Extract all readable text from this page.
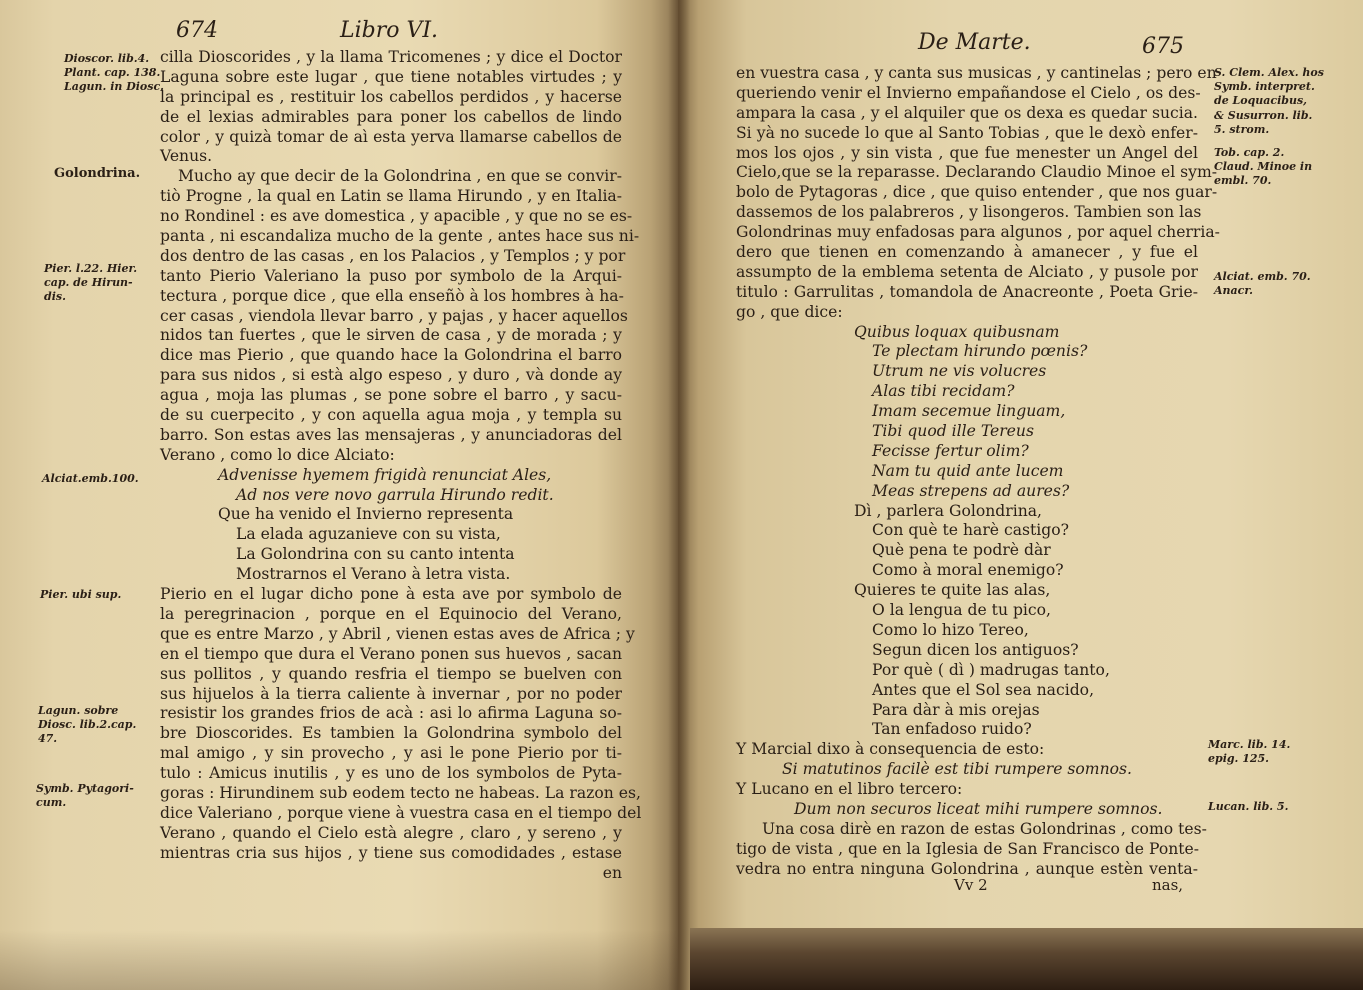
674	Libro VI.
Dioscor. lib.4.
Plant. cap. 138.
Lagun. in Diosc.
Golondrina.
Pier. l.22. Hier.
cap. de Hirun-
dis.
Alciat.emb.100.
Pier. ubi sup.
Lagun. sobre
Diosc. lib.2.cap.
47.
Symb. Pytagori-
cum.
cilla Dioscorides , y la llama Tricomenes ; y dice el Doctor
Laguna sobre este lugar , que tiene notables virtudes ; y
la principal es , restituir los cabellos perdidos , y hacerse
de el lexias admirables para poner los cabellos de lindo
color , y quizà tomar de aì esta yerva llamarse cabellos de
Venus.
Mucho ay que decir de la Golondrina , en que se convir-
tiò Progne , la qual en Latin se llama Hirundo , y en Italia-
no Rondinel : es ave domestica , y apacible , y que no se es-
panta , ni escandaliza mucho de la gente , antes hace sus ni-
dos dentro de las casas , en los Palacios , y Templos ; y por
tanto Pierio Valeriano la puso por symbolo de la Arqui-
tectura , porque dice , que ella enseñò à los hombres à ha-
cer casas , viendola llevar barro , y pajas , y hacer aquellos
nidos tan fuertes , que le sirven de casa , y de morada ; y
dice mas Pierio , que quando hace la Golondrina el barro
para sus nidos , si està algo espeso , y duro , và donde ay
agua , moja las plumas , se pone sobre el barro , y sacu-
de su cuerpecito , y con aquella agua moja , y templa su
barro. Son estas aves las mensajeras , y anunciadoras del
Verano , como lo dice Alciato:
Advenisse hyemem frigidà renunciat Ales,
Ad nos vere novo garrula Hirundo redit.
Que ha venido el Invierno representa
La elada aguzanieve con su vista,
La Golondrina con su canto intenta
Mostrarnos el Verano à letra vista.
Pierio en el lugar dicho pone à esta ave por symbolo de
la peregrinacion , porque en el Equinocio del Verano,
que es entre Marzo , y Abril , vienen estas aves de Africa ; y
en el tiempo que dura el Verano ponen sus huevos , sacan
sus pollitos , y quando resfria el tiempo se buelven con
sus hijuelos à la tierra caliente à invernar , por no poder
resistir los grandes frios de acà : asi lo afirma Laguna so-
bre Dioscorides. Es tambien la Golondrina symbolo del
mal amigo , y sin provecho , y asi le pone Pierio por ti-
tulo : Amicus inutilis , y es uno de los symbolos de Pyta-
goras : Hirundinem sub eodem tecto ne habeas. La razon es,
dice Valeriano , porque viene à vuestra casa en el tiempo del
Verano , quando el Cielo està alegre , claro , y sereno , y
mientras cria sus hijos , y tiene sus comodidades , estase
en
De Marte.	675
en vuestra casa , y canta sus musicas , y cantinelas ; pero en
queriendo venir el Invierno empañandose el Cielo , os des-
ampara la casa , y el alquiler que os dexa es quedar sucia.
Si yà no sucede lo que al Santo Tobias , que le dexò enfer-
mos los ojos , y sin vista , que fue menester un Angel del
Cielo,que se la reparasse. Declarando Claudio Minoe el sym-
bolo de Pytagoras , dice , que quiso entender , que nos guar-
dassemos de los palabreros , y lisongeros. Tambien son las
Golondrinas muy enfadosas para algunos , por aquel cherria-
dero que tienen en comenzando à amanecer , y fue el
assumpto de la emblema setenta de Alciato , y pusole por
titulo : Garrulitas , tomandola de Anacreonte , Poeta Grie-
go , que dice:
Quibus loquax quibusnam
Te plectam hirundo pœnis?
Utrum ne vis volucres
Alas tibi recidam?
Imam secemue linguam,
Tibi quod ille Tereus
Fecisse fertur olim?
Nam tu quid ante lucem
Meas strepens ad aures?
Dì , parlera Golondrina,
Con què te harè castigo?
Què pena te podrè dàr
Como à moral enemigo?
Quieres te quite las alas,
O la lengua de tu pico,
Como lo hizo Tereo,
Segun dicen los antiguos?
Por què ( dì ) madrugas tanto,
Antes que el Sol sea nacido,
Para dàr à mis orejas
Tan enfadoso ruido?
Y Marcial dixo à consequencia de esto:
Si matutinos facilè est tibi rumpere somnos.
Y Lucano en el libro tercero:
Dum non securos liceat mihi rumpere somnos.
Una cosa dirè en razon de estas Golondrinas , como tes-
tigo de vista , que en la Iglesia de San Francisco de Ponte-
vedra no entra ninguna Golondrina , aunque estèn venta-
Vv 2	nas,
S. Clem. Alex. hos
Symb. interpret.
de Loquacibus,
& Susurron. lib.
5. strom.
Tob. cap. 2.
Claud. Minoe in
embl. 70.
Alciat. emb. 70.
Anacr.
Marc. lib. 14.
epig. 125.
Lucan. lib. 5.
